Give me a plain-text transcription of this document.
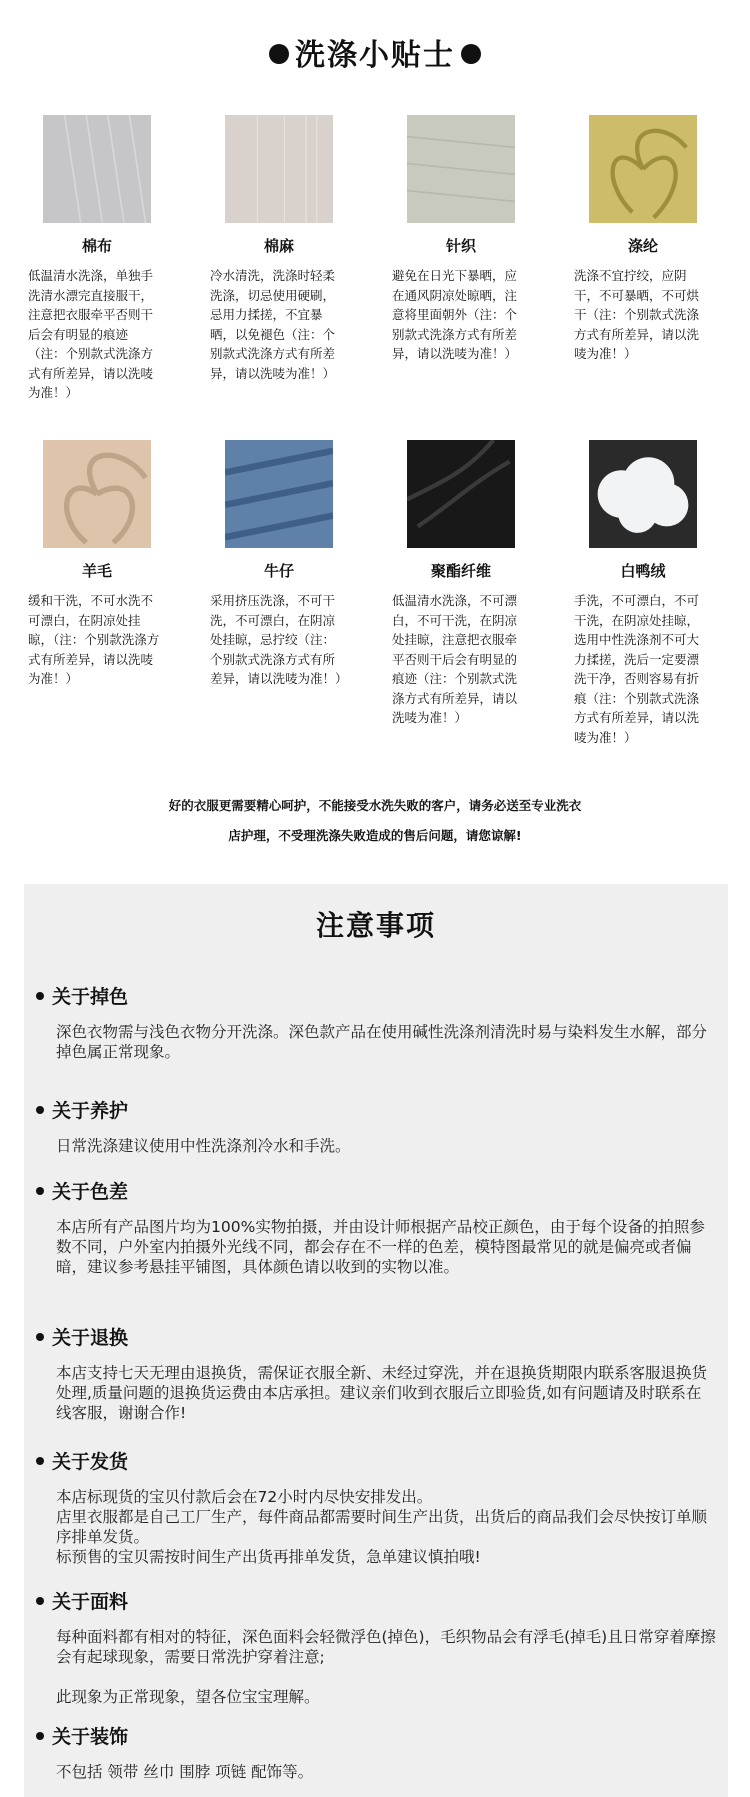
洗涤小贴士
棉布
低温清水洗涤，单独手洗清水漂完直接服干，注意把衣服牵平否则干后会有明显的痕迹（注：个别款式洗涤方式有所差异，请以洗唛为准！）
棉麻
冷水清洗，洗涤时轻柔洗涤，切忌使用硬刷，忌用力揉搓，不宜暴晒，以免褪色（注：个别款式洗涤方式有所差异，请以洗唛为准！）
针织
避免在日光下暴晒，应在通风阴凉处晾晒，注意将里面朝外（注：个别款式洗涤方式有所差异，请以洗唛为准！）
涤纶
洗涤不宜拧绞，应阴干，不可暴晒，不可烘干（注：个别款式洗涤方式有所差异，请以洗唛为准！）
羊毛
缓和干洗，不可水洗不可漂白，在阴凉处挂晾，（注：个别款洗涤方式有所差异，请以洗唛为准！）
牛仔
采用挤压洗涤，不可干洗，不可漂白，在阴凉处挂晾，忌拧绞（注：个别款式洗涤方式有所差异，请以洗唛为准！）
聚酯纤维
低温清水洗涤，不可漂白，不可干洗，在阴凉处挂晾，注意把衣服牵平否则干后会有明显的痕迹（注：个别款式洗涤方式有所差异，请以洗唛为准！）
白鸭绒
手洗，不可漂白，不可干洗，在阴凉处挂晾，选用中性洗涤剂不可大力揉搓，洗后一定要漂洗干净，否则容易有折痕（注：个别款式洗涤方式有所差异，请以洗唛为准！）
好的衣服更需要精心呵护，不能接受水洗失败的客户，请务必送至专业洗衣
店护理，不受理洗涤失败造成的售后问题，请您谅解!
注意事项
关于掉色

深色衣物需与浅色衣物分开洗涤。深色款产品在使用碱性洗涤剂清洗时易与染料发生水解，部分掉色属正常现象。

关于养护

日常洗涤建议使用中性洗涤剂冷水和手洗。

关于色差

本店所有产品图片均为100%实物拍摄，并由设计师根据产品校正颜色，由于每个设备的拍照参数不同，户外室内拍摄外光线不同，都会存在不一样的色差，模特图最常见的就是偏亮或者偏暗，建议参考悬挂平铺图，具体颜色请以收到的实物以准。

关于退换

本店支持七天无理由退换货，需保证衣服全新、未经过穿洗，并在退换货期限内联系客服退换货处理,质量问题的退换货运费由本店承担。建议亲们收到衣服后立即验货,如有问题请及时联系在线客服，谢谢合作!

关于发货

本店标现货的宝贝付款后会在72小时内尽快安排发出。

店里衣服都是自己工厂生产，每件商品都需要时间生产出货，出货后的商品我们会尽快按订单顺序排单发货。

标预售的宝贝需按时间生产出货再排单发货，急单建议慎拍哦!

关于面料

每种面料都有相对的特征，深色面料会轻微浮色(掉色)，毛织物品会有浮毛(掉毛)且日常穿着摩擦会有起球现象，需要日常洗护穿着注意;

此现象为正常现象，望各位宝宝理解。

关于装饰

不包括 领带 丝巾 围脖 项链 配饰等。
